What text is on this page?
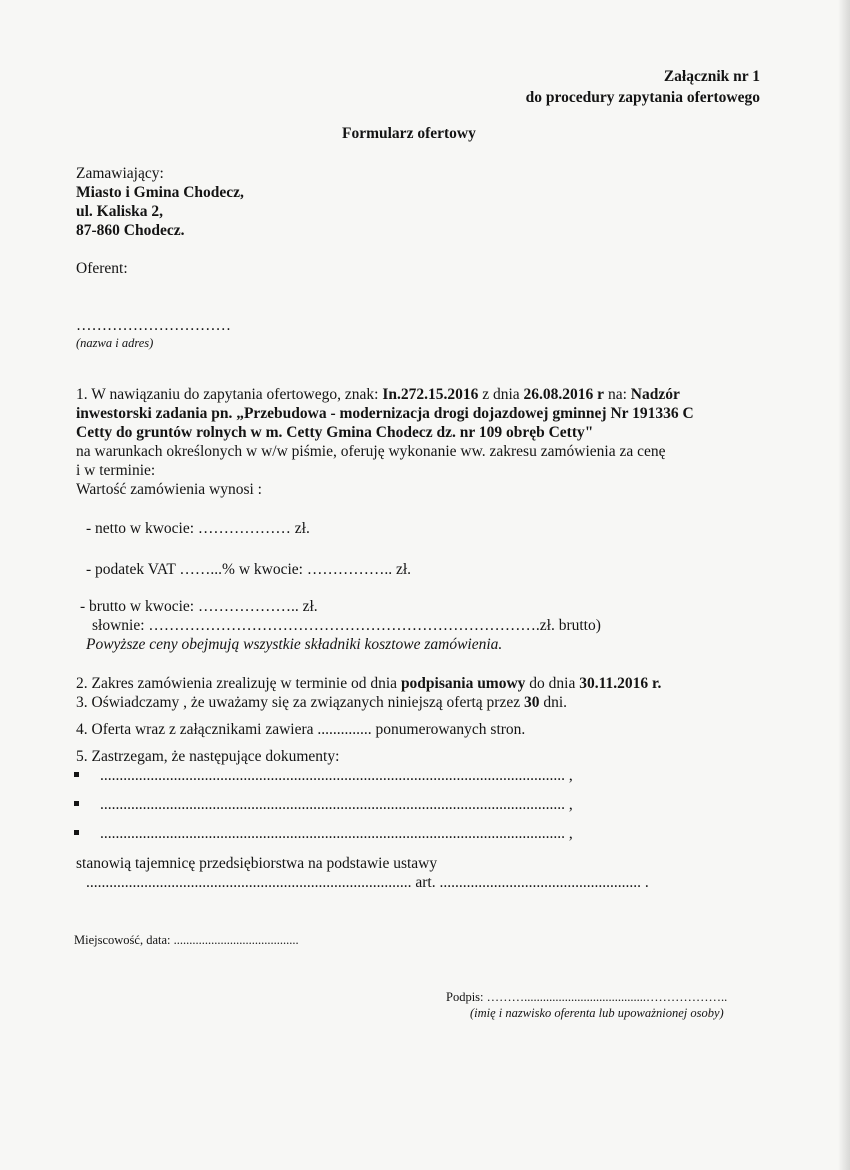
Załącznik nr 1
do procedury zapytania ofertowego
Formularz ofertowy
Zamawiający:
Miasto i Gmina Chodecz,
ul. Kaliska 2,
87-860 Chodecz.
Oferent:
…………………………
(nazwa i adres)
1. W nawiązaniu do zapytania ofertowego, znak: In.272.15.2016 z dnia 26.08.2016 r na: Nadzór
inwestorski zadania pn. „Przebudowa - modernizacja drogi dojazdowej gminnej Nr 191336 C
Cetty do gruntów rolnych w m. Cetty Gmina Chodecz dz. nr 109 obręb Cetty"
na warunkach określonych w w/w piśmie, oferuję wykonanie ww. zakresu zamówienia za cenę
i w terminie:
Wartość zamówienia wynosi :
- netto w kwocie: ……………… zł.
- podatek VAT ……...% w kwocie: …………….. zł.
- brutto w kwocie: ……………….. zł.
słownie: ………………………………………………………………….zł. brutto)
Powyższe ceny obejmują wszystkie składniki kosztowe zamówienia.
2. Zakres zamówienia zrealizuję w terminie od dnia podpisania umowy do dnia 30.11.2016 r.
3. Oświadczamy , że uważamy się za związanych niniejszą ofertą przez 30 dni.
4. Oferta wraz z załącznikami zawiera .............. ponumerowanych stron.
5. Zastrzegam, że następujące dokumenty:
........................................................................................................................ ,
........................................................................................................................ ,
........................................................................................................................ ,
stanowią tajemnicę przedsiębiorstwa na podstawie ustawy
.................................................................................... art. .................................................... .
Miejscowość, data: ........................................
Podpis: ……….......................................………………..
(imię i nazwisko oferenta lub upoważnionej osoby)
